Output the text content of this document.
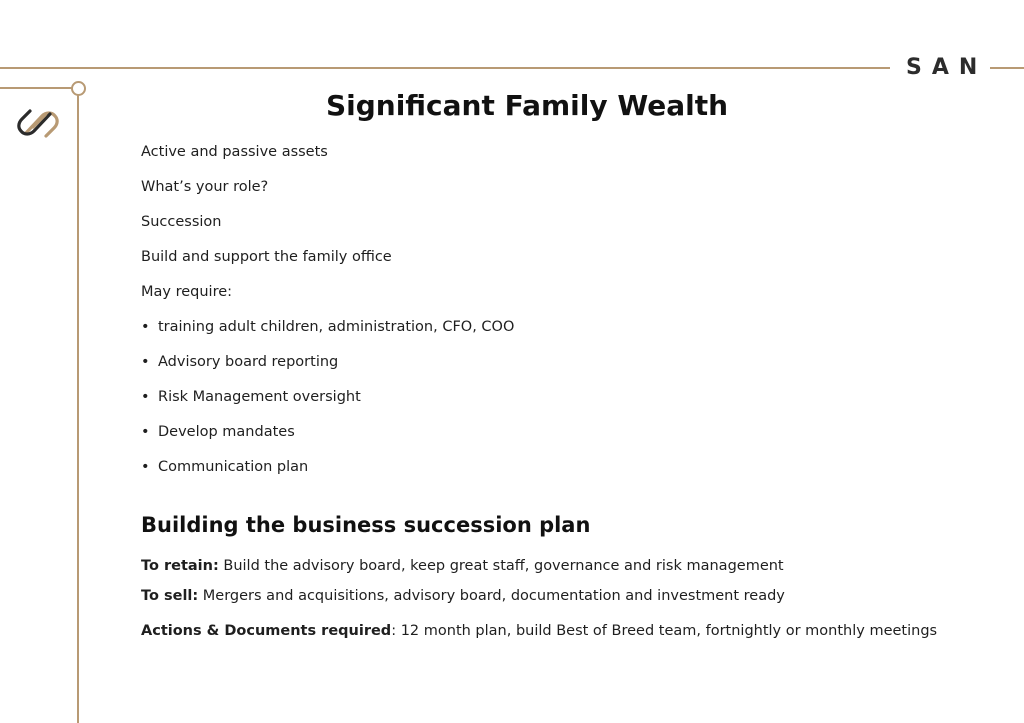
SAN
Significant Family Wealth
Active and passive assets
What’s your role?
Succession
Build and support the family office
May require:
• training adult children, administration, CFO, COO
• Advisory board reporting
• Risk Management oversight
• Develop mandates
• Communication plan
Building the business succession plan
To retain: Build the advisory board, keep great staff, governance and risk management
To sell: Mergers and acquisitions, advisory board, documentation and investment ready
Actions & Documents required: 12 month plan, build Best of Breed team, fortnightly or monthly meetings
